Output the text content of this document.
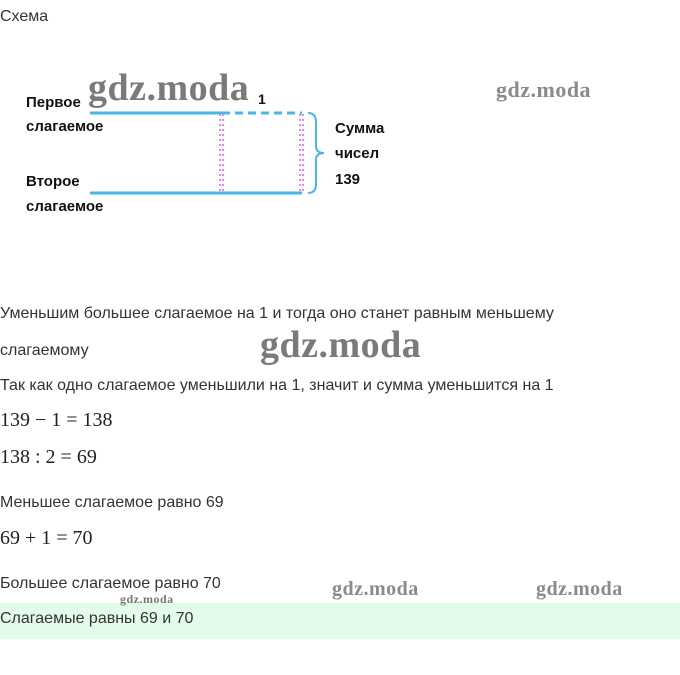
Схема
Первое
слагаемое
Второе
слагаемое
1
Сумма
чисел
139
Уменьшим большее слагаемое на 1 и тогда оно станет равным меньшему
слагаемому
Так как одно слагаемое уменьшили на 1, значит и сумма уменьшится на 1
139 − 1 = 138
138 : 2 = 69
Меньшее слагаемое равно 69
69 + 1 = 70
Большее слагаемое равно 70
Слагаемые равны 69 и 70
gdz.moda	gdz.moda
gdz.moda
gdz.moda	gdz.moda
gdz.moda
